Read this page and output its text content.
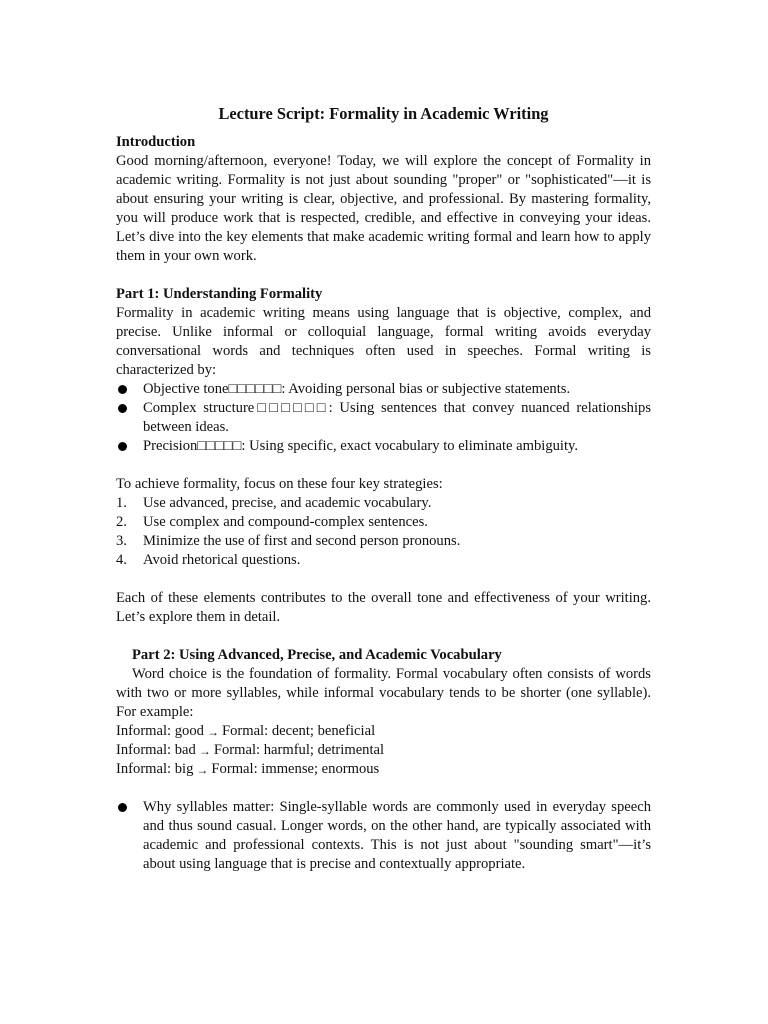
Lecture Script: Formality in Academic Writing

Introduction

Good morning/afternoon, everyone! Today, we will explore the concept of Formality in academic writing. Formality is not just about sounding "proper" or "sophisticated"—it is about ensuring your writing is clear, objective, and professional. By mastering formality, you will produce work that is respected, credible, and effective in conveying your ideas. Let’s dive into the key elements that make academic writing formal and learn how to apply them in your own work.

Part 1: Understanding Formality

Formality in academic writing means using language that is objective, complex, and precise. Unlike informal or colloquial language, formal writing avoids everyday conversational words and techniques often used in speeches. Formal writing is characterized by:

Objective tone□□□□□□: Avoiding personal bias or subjective statements.
Complex structure□□□□□□: Using sentences that convey nuanced relationships between ideas.
Precision□□□□□: Using specific, exact vocabulary to eliminate ambiguity.

To achieve formality, focus on these four key strategies:

1. Use advanced, precise, and academic vocabulary.
2. Use complex and compound-complex sentences.
3. Minimize the use of first and second person pronouns.
4. Avoid rhetorical questions.

Each of these elements contributes to the overall tone and effectiveness of your writing. Let’s explore them in detail.

Part 2: Using Advanced, Precise, and Academic Vocabulary

Word choice is the foundation of formality. Formal vocabulary often consists of words with two or more syllables, while informal vocabulary tends to be shorter (one syllable). For example:

Informal: good → Formal: decent; beneficial

Informal: bad → Formal: harmful; detrimental

Informal: big → Formal: immense; enormous

Why syllables matter: Single-syllable words are commonly used in everyday speech and thus sound casual. Longer words, on the other hand, are typically associated with academic and professional contexts. This is not just about "sounding smart"—it’s about using language that is precise and contextually appropriate.
